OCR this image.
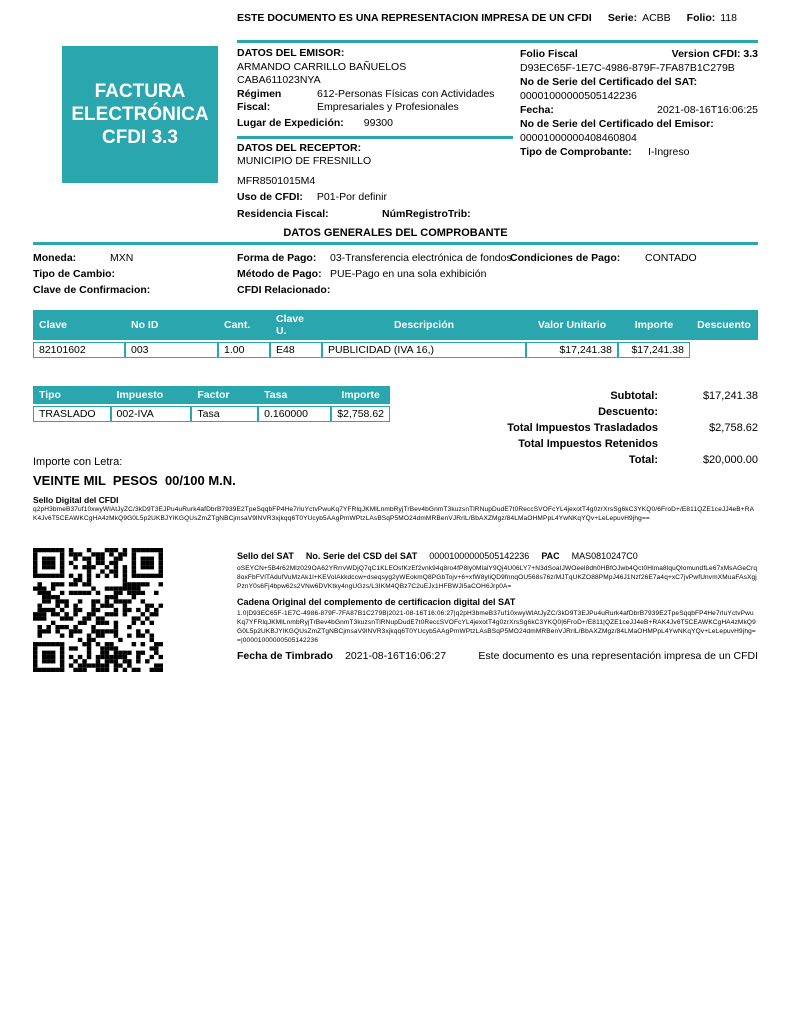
ESTE DOCUMENTO ES UNA REPRESENTACION IMPRESA DE UN CFDI Serie: ACBB Folio: 118
FACTURA
ELECTRÓNICA
CFDI 3.3
DATOS DEL EMISOR:
ARMANDO CARRILLO BAÑUELOS
CABA611023NYA
Régimen Fiscal:
612-Personas Físicas con Actividades Empresariales y Profesionales
Lugar de Expedición: 99300
DATOS DEL RECEPTOR:
MUNICIPIO DE FRESNILLO
MFR8501015M4
Uso de CFDI: P01-Por definir
Residencia Fiscal:	NúmRegistroTrib:
Folio Fiscal	Version CFDI: 3.3
D93EC65F-1E7C-4986-879F-7FA87B1C279B
No de Serie del Certificado del SAT:
00001000000505142236
Fecha:	2021-08-16T16:06:25
No de Serie del Certificado del Emisor:
00001000000408460804
Tipo de Comprobante:	I-Ingreso
DATOS GENERALES DEL COMPROBANTE
Moneda:	MXN	Forma de Pago: 03-Transferencia electrónica de fondos
Condiciones de Pago: CONTADO
Tipo de Cambio:	Método de Pago: PUE-Pago en una sola exhibición
Clave de Confirmacion:	CFDI Relacionado:
Clave	No ID	Cant.	Clave U.	Descripción	Valor Unitario	Importe	Descuento
82101602	003	1.00	E48	PUBLICIDAD (IVA 16,)	$17,241.38	$17,241.38	
Tipo	Impuesto	Factor	Tasa	Importe
TRASLADO	002-IVA	Tasa	0.160000	$2,758.62
Subtotal:	$17,241.38
Descuento:
Total Impuestos Trasladados	$2,758.62
Total Impuestos Retenidos
Total:	$20,000.00
Importe con Letra:
VEINTE MIL  PESOS  00/100 M.N.
Sello Digital del CFDI
q2pH3bmeB37uf10xwyWlAtJyZC/3kD9T3EJPu4uRurk4afDbrB7939E2TpeSqqbFP4He7rluYctvPwuKq7YFRlqJKMlLnmbRyjTrBev4bGnmT3kuzsnTlRNupDudE7t0ReccSVOFcYL4jexotT4g0zrXrsSg6kC3YKQ0/6FroD+/E811QZE1ceJJ4eB+RAK4Jv6T5CEAWKCgHA4zMkQ9G0L5p2UKBJYlKGQUsZmZTgNBCjmsaV9lNVR3xjkqq6T0YUcyb5AAgPmWPtzLAsBSqP5MO24dmMRBenVJRrlL/BbAXZMgz/84LMaOHMPpL4YwNKqYQv+LeLepuvH9jhg==
Sello del SAT No. Serie del CSD del SAT 00001000000505142236 PAC MAS0810247C0
oSEYCN+5B4r62Mlz029OA62YRrrvWDjQ7qC1KLEOsfKzEf2vnk94q8ro4fP8ly0MlalY9Qj4U06LY7+N3dSoaIJWOeel8dh0HBfOJwb4Qct0Hlma8lquQlomundfLe67xMsAGeCrq8oxFbFVlTAdufVuMzAk1l+KEVolAkkdccw+dseqsyg2yWEokmQ8PGbTojv+6+xfW8yliQD9fnnqOU568s76z/MJTqUKZO88PMpJ46J1Nzf26E7a4q+xC7jvPwfUnvmXMuaFAsXgjPznY0s6Fj4bpw62s2VNw6DVKtky4ngUGzs/L3IKM4QBz7C2uEJx1HFBWJl5aCOH6Jrp0A=
Cadena Original del complemento de certificacion digital del SAT
1.0|D93EC65F-1E7C-4986-879F-7FA87B1C279B|2021-08-16T16:06:27|q2pH3bmeB37uf10xwyWlAtJyZC/3kD9T3EJPu4uRurk4afDbrB7939E2TpeSqqbFP4He7rluYctvPwuKq7YFRlqJKMlLnmbRyjTrBev4bGnmT3kuzsnTlRNupDudE7t0ReccSVOFcYL4jexotT4g0zrXrsSg6kC3YKQ0|6FroD+/E811|QZE1ceJJ4eB+RAK4Jv6T5CEAWKCgHA4zMkQ9G0L5p2UKBJYlKGQUsZmZTgNBCjmsaV9lNVR3xjkqq6T0YUcyb5AAgPmWPtzLAsBSqP5MO24dmMRBenVJRrlL/BbAXZMgz/84LMaOHMPpL4YwNKqYQv+LeLepuvH9jhg==|00001000000505142236
Fecha de Timbrado 2021-08-16T16:06:27	Este documento es una representación impresa de un CFDI
